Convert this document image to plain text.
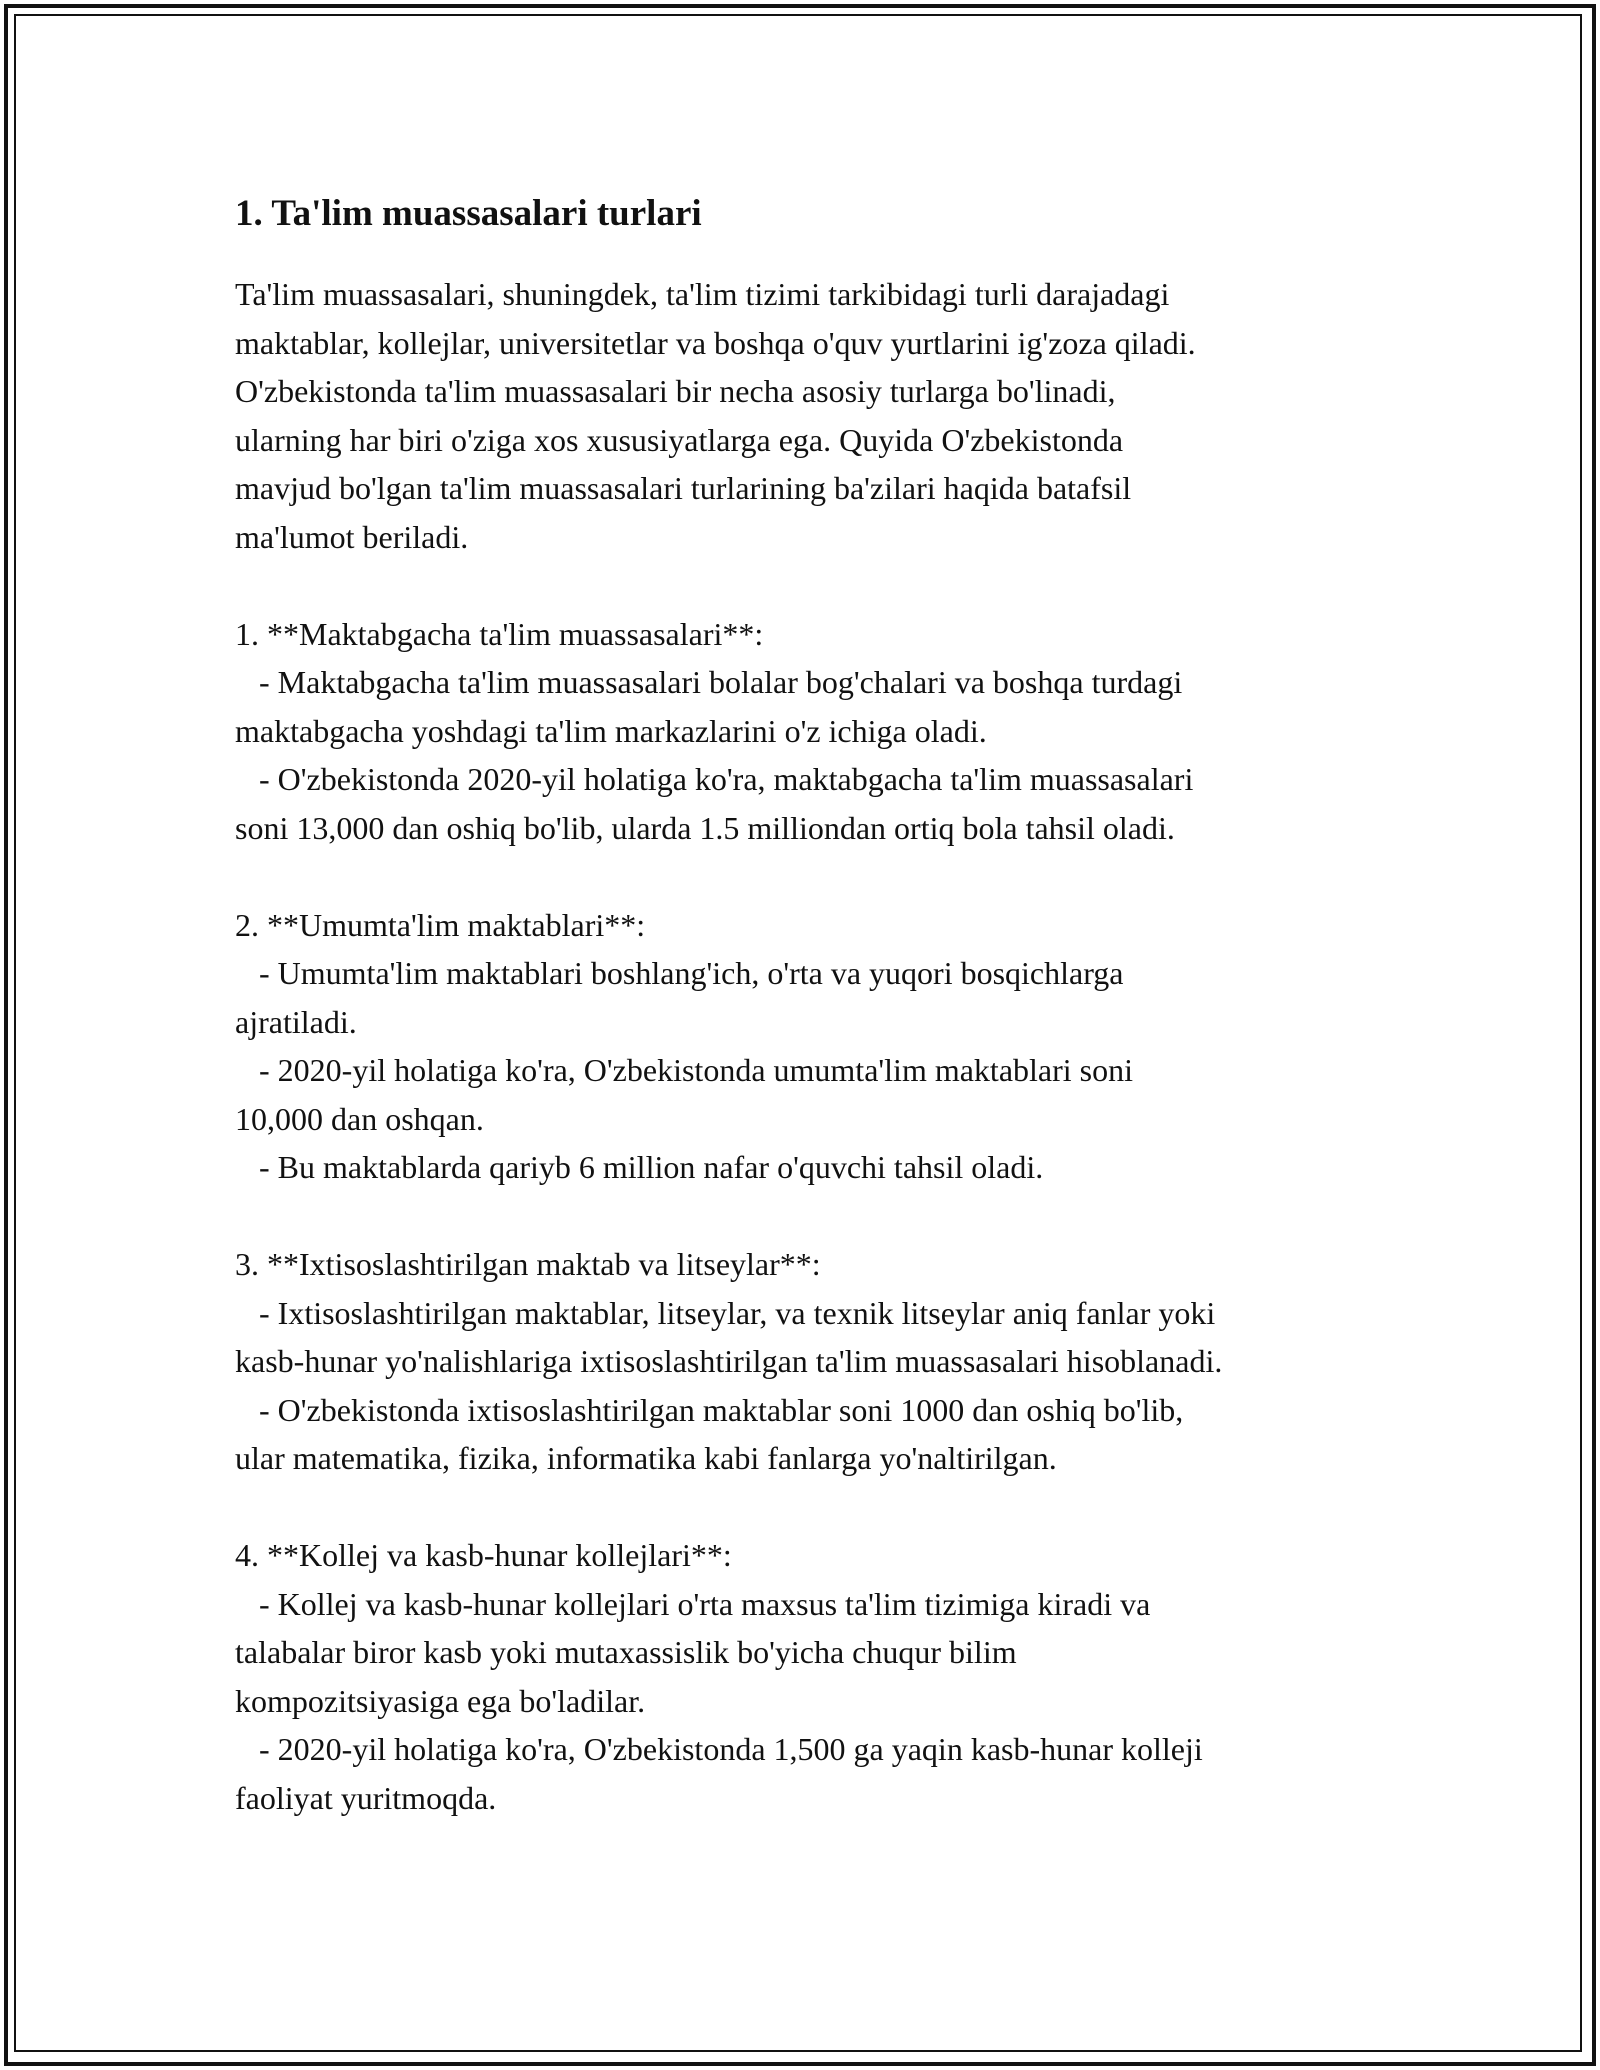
1. Ta'lim muassasalari turlari

Ta'lim muassasalari, shuningdek, ta'lim tizimi tarkibidagi turli darajadagi
maktablar, kollejlar, universitetlar va boshqa o'quv yurtlarini ig'zoza qiladi.
O'zbekistonda ta'lim muassasalari bir necha asosiy turlarga bo'linadi,
ularning har biri o'ziga xos xususiyatlarga ega. Quyida O'zbekistonda
mavjud bo'lgan ta'lim muassasalari turlarining ba'zilari haqida batafsil
ma'lumot beriladi.

1. **Maktabgacha ta'lim muassasalari**:
- Maktabgacha ta'lim muassasalari bolalar bog'chalari va boshqa turdagi
maktabgacha yoshdagi ta'lim markazlarini o'z ichiga oladi.
- O'zbekistonda 2020-yil holatiga ko'ra, maktabgacha ta'lim muassasalari
soni 13,000 dan oshiq bo'lib, ularda 1.5 milliondan ortiq bola tahsil oladi.

2. **Umumta'lim maktablari**:
- Umumta'lim maktablari boshlang'ich, o'rta va yuqori bosqichlarga
ajratiladi.
- 2020-yil holatiga ko'ra, O'zbekistonda umumta'lim maktablari soni
10,000 dan oshqan.
- Bu maktablarda qariyb 6 million nafar o'quvchi tahsil oladi.

3. **Ixtisoslashtirilgan maktab va litseylar**:
- Ixtisoslashtirilgan maktablar, litseylar, va texnik litseylar aniq fanlar yoki
kasb-hunar yo'nalishlariga ixtisoslashtirilgan ta'lim muassasalari hisoblanadi.
- O'zbekistonda ixtisoslashtirilgan maktablar soni 1000 dan oshiq bo'lib,
ular matematika, fizika, informatika kabi fanlarga yo'naltirilgan.

4. **Kollej va kasb-hunar kollejlari**:
- Kollej va kasb-hunar kollejlari o'rta maxsus ta'lim tizimiga kiradi va
talabalar biror kasb yoki mutaxassislik bo'yicha chuqur bilim
kompozitsiyasiga ega bo'ladilar.
- 2020-yil holatiga ko'ra, O'zbekistonda 1,500 ga yaqin kasb-hunar kolleji
faoliyat yuritmoqda.
